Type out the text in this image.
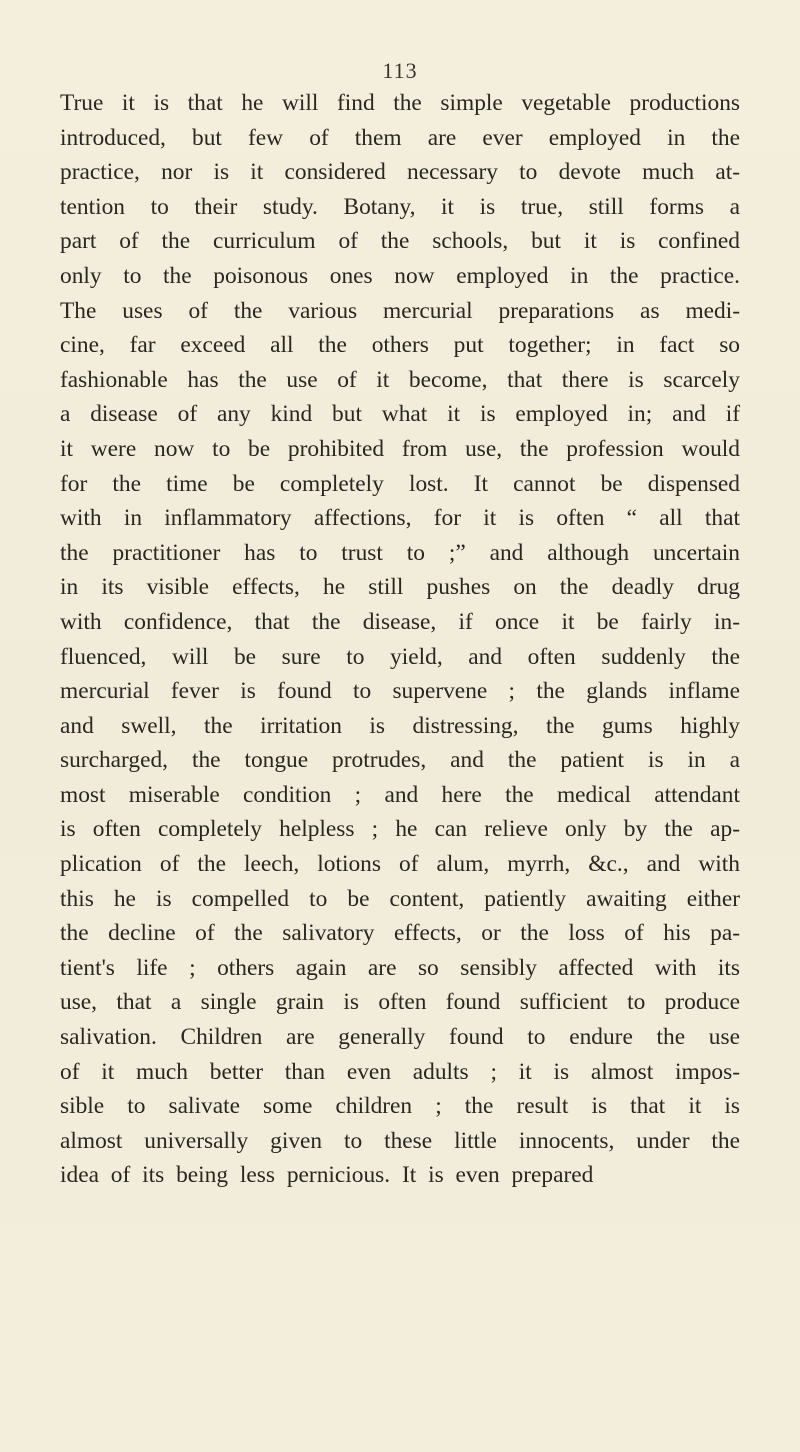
113
True it is that he will find the simple vegetable productions
introduced, but few of them are ever employed in the
practice, nor is it considered necessary to devote much at-
tention to their study. Botany, it is true, still forms a
part of the curriculum of the schools, but it is confined
only to the poisonous ones now employed in the practice.
The uses of the various mercurial preparations as medi-
cine, far exceed all the others put together; in fact so
fashionable has the use of it become, that there is scarcely
a disease of any kind but what it is employed in; and if
it were now to be prohibited from use, the profession would
for the time be completely lost. It cannot be dispensed
with in inflammatory affections, for it is often “ all that
the practitioner has to trust to ;” and although uncertain
in its visible effects, he still pushes on the deadly drug
with confidence, that the disease, if once it be fairly in-
fluenced, will be sure to yield, and often suddenly the
mercurial fever is found to supervene ; the glands inflame
and swell, the irritation is distressing, the gums highly
surcharged, the tongue protrudes, and the patient is in a
most miserable condition ; and here the medical attendant
is often completely helpless ; he can relieve only by the ap-
plication of the leech, lotions of alum, myrrh, &c., and with
this he is compelled to be content, patiently awaiting either
the decline of the salivatory effects, or the loss of his pa-
tient's life ; others again are so sensibly affected with its
use, that a single grain is often found sufficient to produce
salivation. Children are generally found to endure the use
of it much better than even adults ; it is almost impos-
sible to salivate some children ; the result is that it is
almost universally given to these little innocents, under the
idea of its being less pernicious. It is even prepared
